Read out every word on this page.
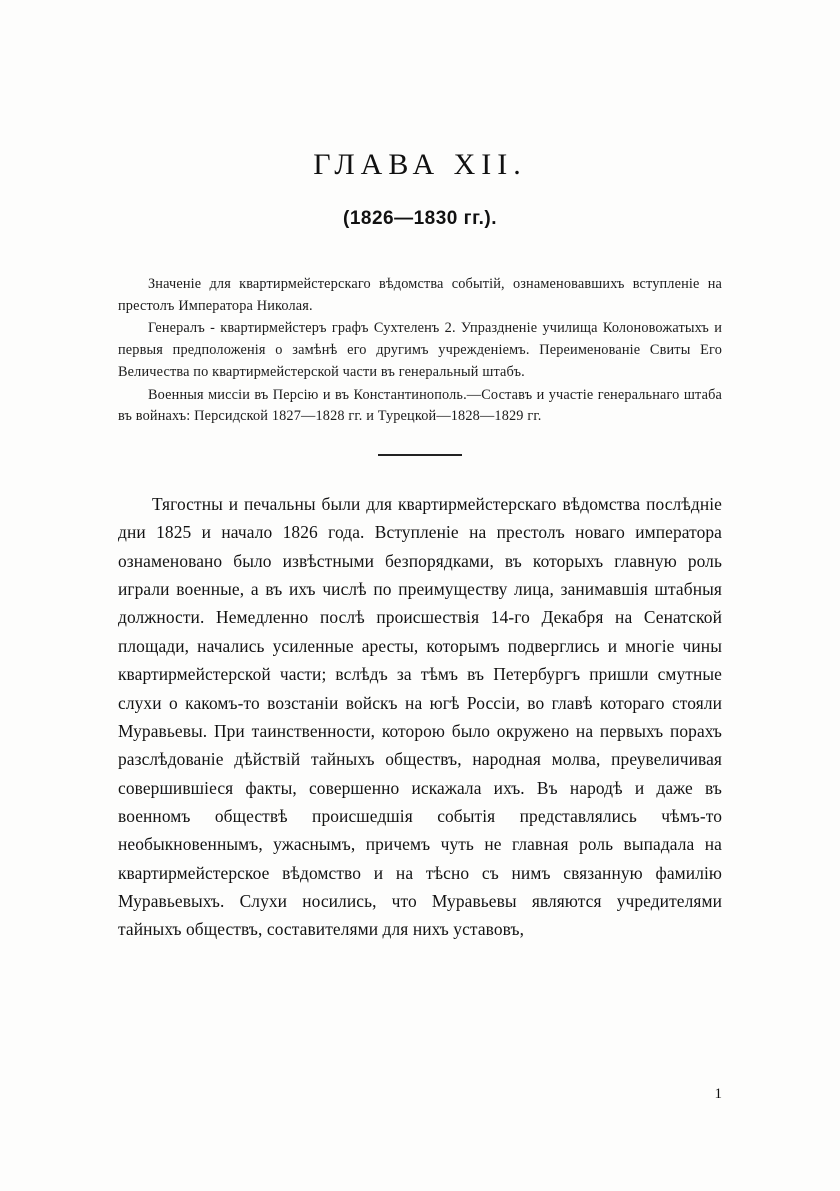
ГЛАВА XII.
(1826—1830 гг.).

Значеніе для квартирмейстерскаго вѣдомства событій, ознаменовавшихъ вступленіе на престолъ Императора Николая.

Генералъ - квартирмейстеръ графъ Сухтеленъ 2. Упраздненіе училища Колоновожатыхъ и первыя предположенія о замѣнѣ его другимъ учрежденіемъ. Переименованіе Свиты Его Величества по квартирмейстерской части въ генеральный штабъ.

Военныя миссіи въ Персію и въ Константинополь.—Составъ и участіе генеральнаго штаба въ войнахъ: Персидской 1827—1828 гг. и Турецкой—1828—1829 гг.

Тягостны и печальны были для квартирмейстерскаго вѣдомства послѣдніе дни 1825 и начало 1826 года. Вступленіе на престолъ новаго императора ознаменовано было извѣстными безпорядками, въ которыхъ главную роль играли военные, а въ ихъ числѣ по преимуществу лица, занимавшія штабныя должности. Немедленно послѣ происшествія 14-го Декабря на Сенатской площади, начались усиленные аресты, которымъ подверглись и многіе чины квартирмейстерской части; вслѣдъ за тѣмъ въ Петербургъ пришли смутные слухи о какомъ-то возстаніи войскъ на югѣ Россіи, во главѣ котораго стояли Муравьевы. При таинственности, которою было окружено на первыхъ порахъ разслѣдованіе дѣйствій тайныхъ обществъ, народная молва, преувеличивая совершившіеся факты, совершенно искажала ихъ. Въ народѣ и даже въ военномъ обществѣ происшедшія событія представлялись чѣмъ-то необыкновеннымъ, ужаснымъ, причемъ чуть не главная роль выпадала на квартирмейстерское вѣдомство и на тѣсно съ нимъ связанную фамилію Муравьевыхъ. Слухи носились, что Муравьевы являются учредителями тайныхъ обществъ, составителями для нихъ уставовъ,

1
